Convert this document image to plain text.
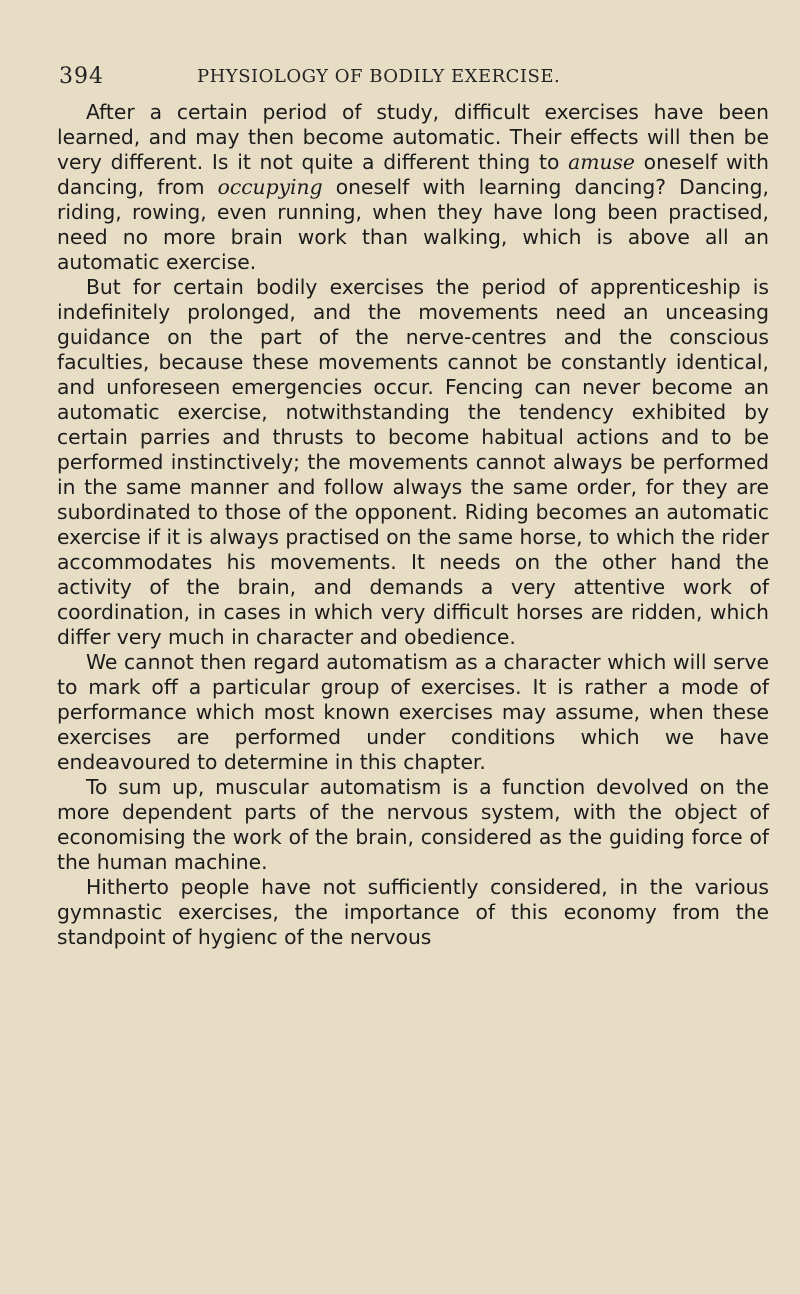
394	PHYSIOLOGY OF BODILY EXERCISE.

After a certain period of study, difficult exercises have been learned, and may then become automatic. Their effects will then be very different. Is it not quite a different thing to amuse oneself with dancing, from occupying oneself with learning dancing? Dancing, riding, rowing, even running, when they have long been practised, need no more brain work than walking, which is above all an automatic exercise.

But for certain bodily exercises the period of apprenticeship is indefinitely prolonged, and the movements need an unceasing guidance on the part of the nerve-centres and the conscious faculties, because these movements cannot be constantly identical, and unforeseen emergencies occur. Fencing can never become an automatic exercise, notwithstanding the tendency exhibited by certain parries and thrusts to become habitual actions and to be performed instinctively; the movements cannot always be performed in the same manner and follow always the same order, for they are subordinated to those of the opponent. Riding becomes an automatic exercise if it is always practised on the same horse, to which the rider accommodates his movements. It needs on the other hand the activity of the brain, and demands a very attentive work of coordination, in cases in which very difficult horses are ridden, which differ very much in character and obedience.

We cannot then regard automatism as a character which will serve to mark off a particular group of exercises. It is rather a mode of performance which most known exercises may assume, when these exercises are performed under conditions which we have endeavoured to determine in this chapter.

To sum up, muscular automatism is a function devolved on the more dependent parts of the nervous system, with the object of economising the work of the brain, considered as the guiding force of the human machine.

Hitherto people have not sufficiently considered, in the various gymnastic exercises, the importance of this economy from the standpoint of hygienc of the nervous
